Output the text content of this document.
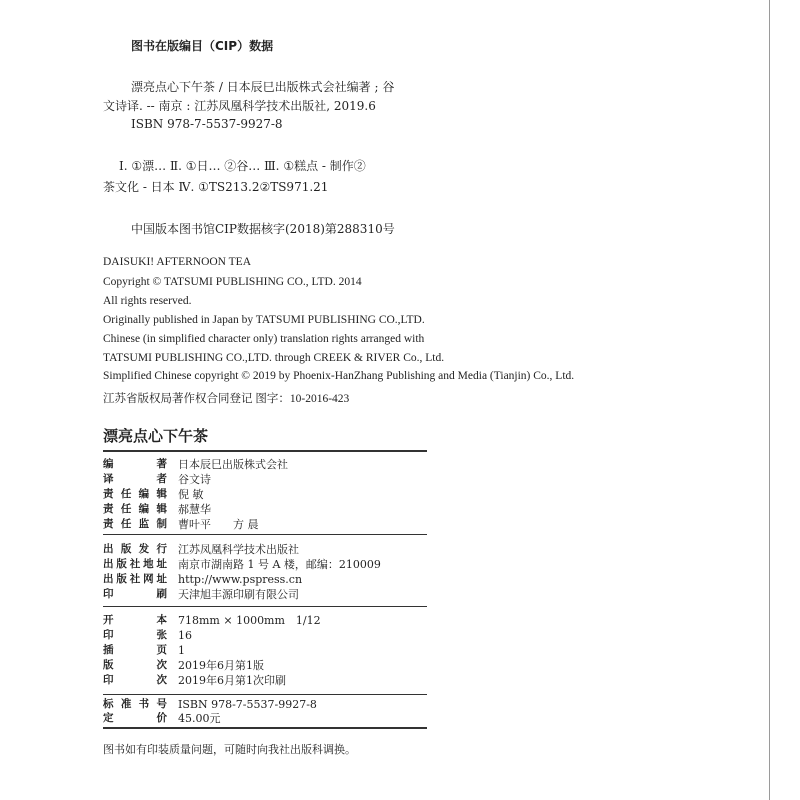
图书在版编目（CIP）数据
漂亮点心下午茶 / 日本辰巳出版株式会社编著 ; 谷
文诗译. -- 南京 : 江苏凤凰科学技术出版社, 2019.6
ISBN 978-7-5537-9927-8
Ⅰ. ①漂… Ⅱ. ①日… ②谷… Ⅲ. ①糕点 - 制作②
茶文化 - 日本 Ⅳ. ①TS213.2②TS971.21
中国版本图书馆CIP数据核字(2018)第288310号
DAISUKI! AFTERNOON TEA
Copyright © TATSUMI PUBLISHING CO., LTD. 2014
All rights reserved.
Originally published in Japan by TATSUMI PUBLISHING CO.,LTD.
Chinese (in simplified character only) translation rights arranged with
TATSUMI PUBLISHING CO.,LTD. through CREEK & RIVER Co., Ltd.
Simplified Chinese copyright © 2019 by Phoenix-HanZhang Publishing and Media (Tianjin) Co., Ltd.
江苏省版权局著作权合同登记 图字：10-2016-423
漂亮点心下午茶
编著 日本辰巳出版株式会社
译者 谷文诗
责任编辑 倪 敏
责任编辑 郝慧华
责任监制 曹叶平　　方 晨
出版发行 江苏凤凰科学技术出版社
出版社地址 南京市湖南路 1 号 A 楼，邮编：210009
出版社网址 http://www.pspress.cn
印刷 天津旭丰源印刷有限公司
开本 718mm × 1000mm　1/12
印张 16
插页 1
版次 2019年6月第1版
印次 2019年6月第1次印刷
标准书号 ISBN 978-7-5537-9927-8
定价 45.00元
图书如有印装质量问题，可随时向我社出版科调换。
